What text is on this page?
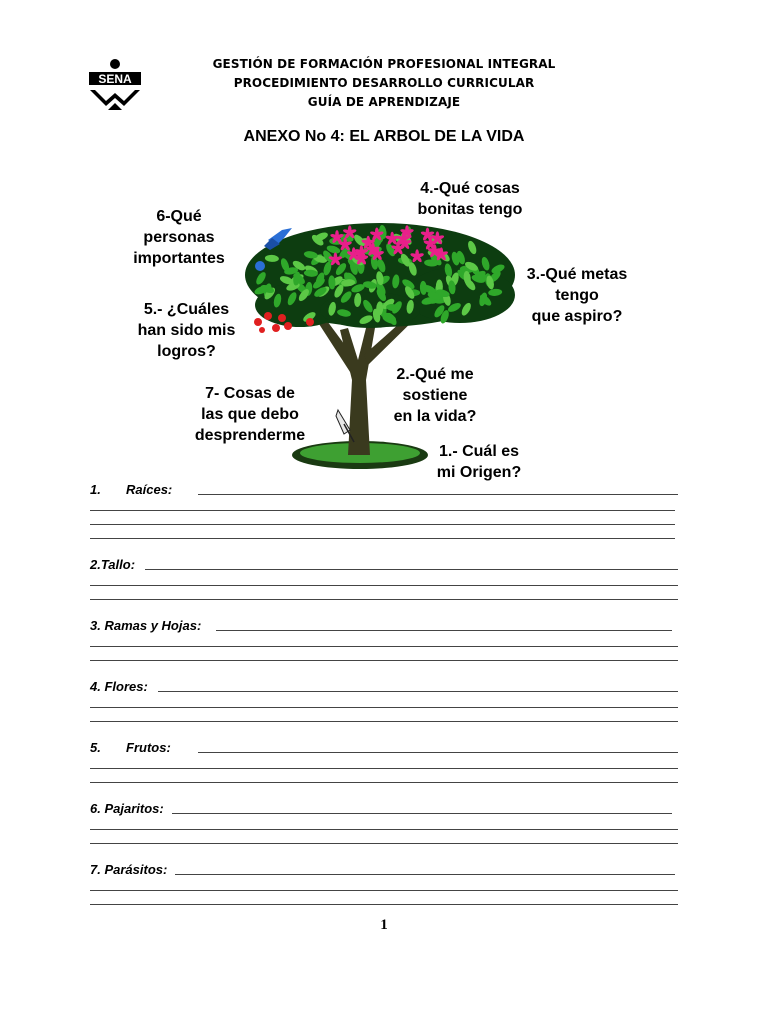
SENA
GESTIÓN DE FORMACIÓN PROFESIONAL INTEGRAL
PROCEDIMIENTO DESARROLLO CURRICULAR
GUÍA DE APRENDIZAJE
ANEXO No 4: EL ARBOL DE LA VIDA
4.-Qué cosas
bonitas tengo
6-Qué
personas
importantes
3.-Qué metas
tengo
que aspiro?
5.- ¿Cuáles
han sido mis
logros?
2.-Qué me
sostiene
en la vida?
7- Cosas de
las que debo
desprenderme
1.- Cuál es
mi Origen?
1. Raíces:
2.Tallo:
3. Ramas y Hojas:
4. Flores:
5. Frutos:
6. Pajaritos:
7. Parásitos:
1
